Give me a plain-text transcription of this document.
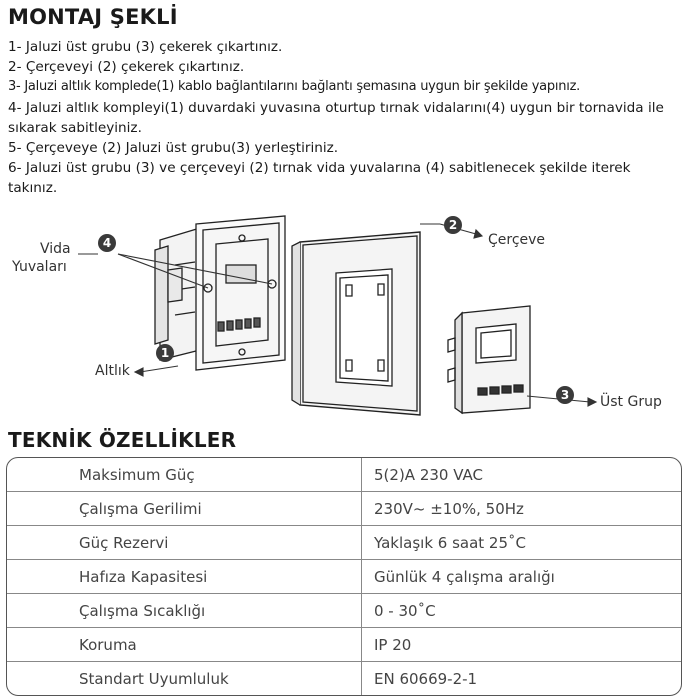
MONTAJ ŞEKLİ
1- Jaluzi üst grubu (3) çekerek çıkartınız.
2- Çerçeveyi (2) çekerek çıkartınız.
3- Jaluzi altlık komplede(1) kablo bağlantılarını bağlantı şemasına uygun bir şekilde yapınız.
4- Jaluzi altlık kompleyi(1) duvardaki yuvasına oturtup tırnak vidalarını(4) uygun bir tornavida ile sıkarak sabitleyiniz.
5- Çerçeveye (2) Jaluzi üst grubu(3) yerleştiriniz.
6- Jaluzi üst grubu (3) ve çerçeveyi (2) tırnak vida yuvalarına (4) sabitlenecek şekilde iterek takınız.
Vida
Yuvaları
4
1
Altlık
2
Çerçeve
3	Üst Grup
TEKNİK ÖZELLİKLER
Maksimum Güç	5(2)A 230 VAC
Çalışma Gerilimi	230V~ ±10%, 50Hz
Güç Rezervi	Yaklaşık 6 saat 25˚C
Hafıza Kapasitesi	Günlük 4 çalışma aralığı
Çalışma Sıcaklığı	0 - 30˚C
Koruma	IP 20
Standart Uyumluluk	EN 60669-2-1
